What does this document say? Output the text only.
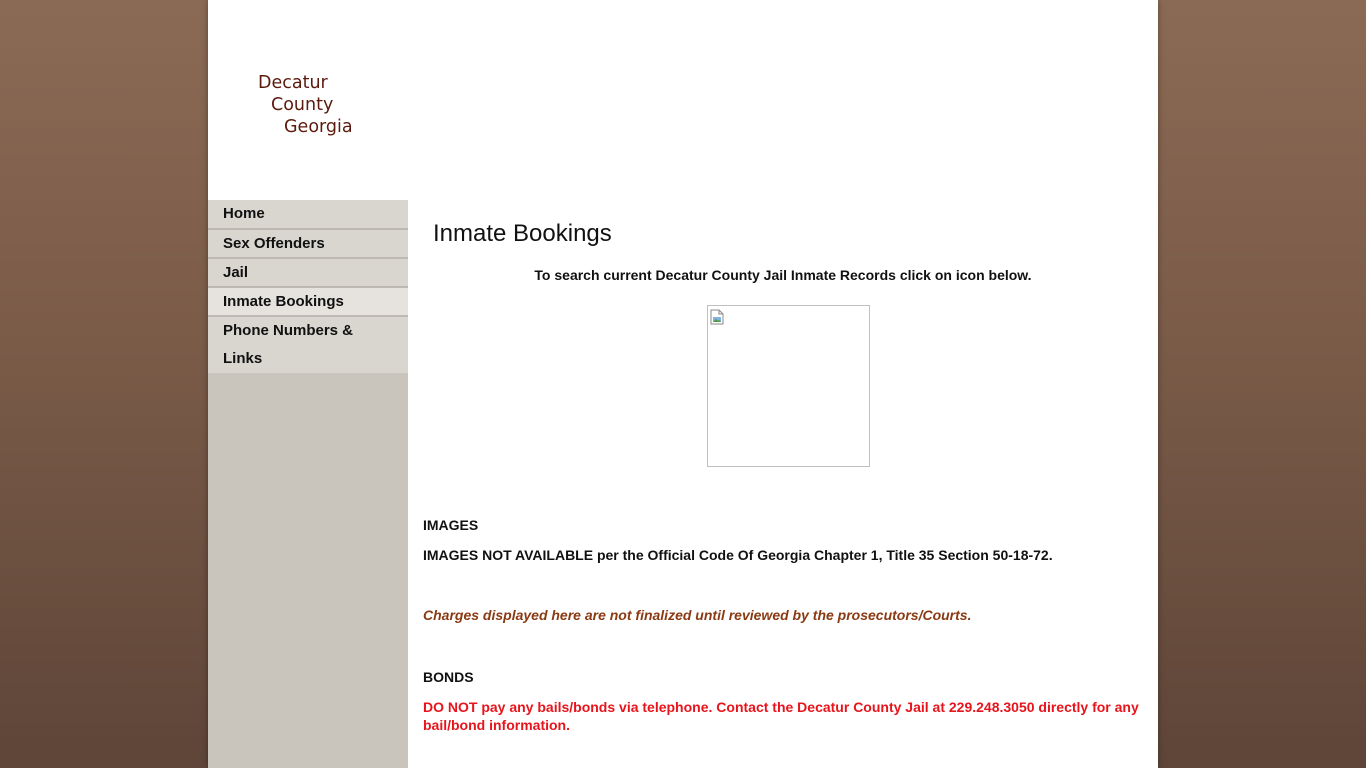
Decatur
County
Georgia
Home
Sex Offenders
Jail
Inmate Bookings
Phone Numbers &
Links
Inmate Bookings

To search current Decatur County Jail Inmate Records click on icon below.

IMAGES

IMAGES NOT AVAILABLE per the Official Code Of Georgia Chapter 1, Title 35 Section 50-18-72.

Charges displayed here are not finalized until reviewed by the prosecutors/Courts.

BONDS

DO NOT pay any bails/bonds via telephone. Contact the Decatur County Jail at 229.248.3050 directly for any bail/bond information.
